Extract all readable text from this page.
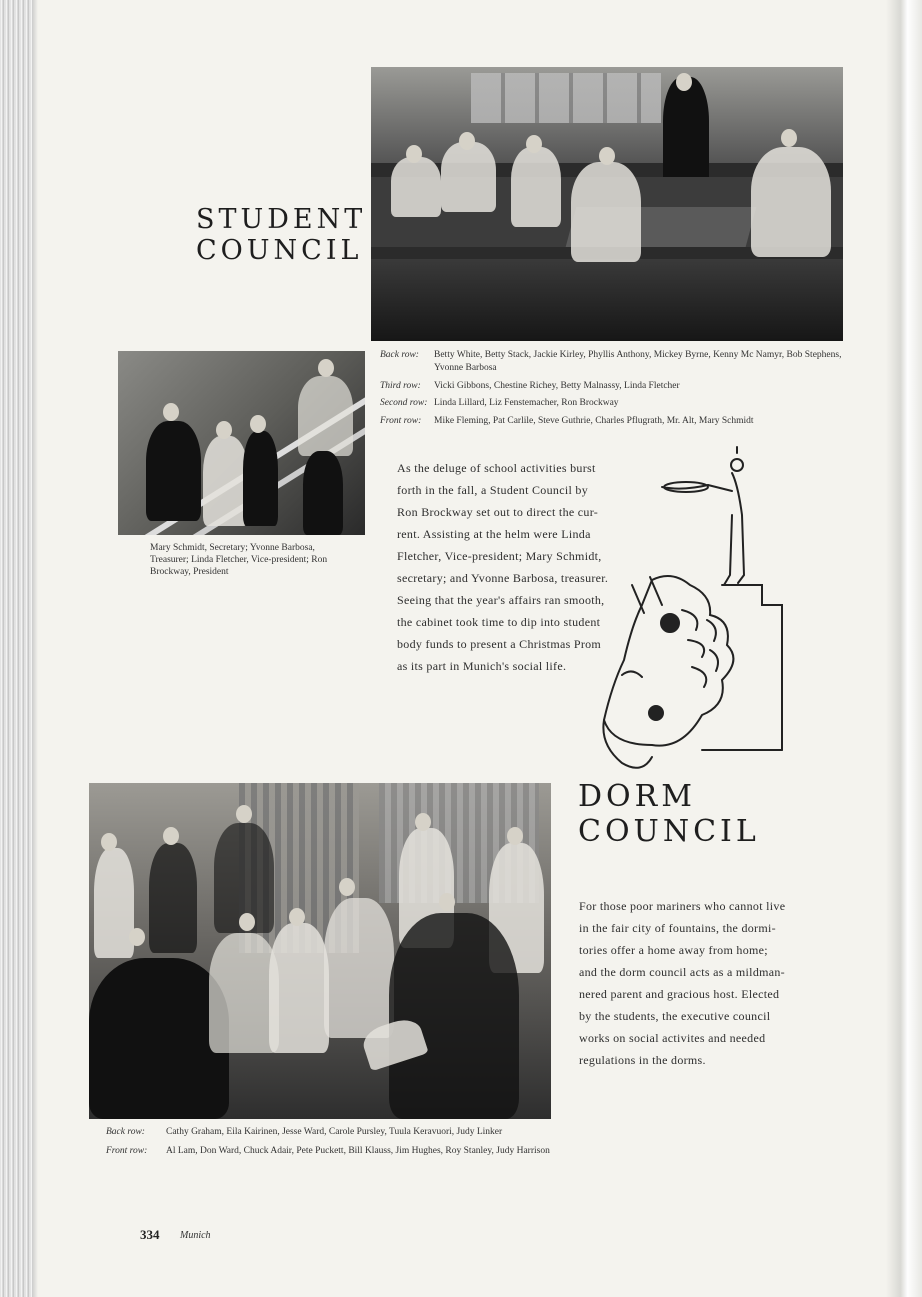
STUDENT
COUNCIL
Back row:	Betty White, Betty Stack, Jackie Kirley, Phyllis Anthony, Mickey Byrne, Kenny Mc Namyr, Bob Stephens, Yvonne Barbosa
Third row:	Vicki Gibbons, Chestine Richey, Betty Malnassy, Linda Fletcher
Second row: Linda Lillard, Liz Fenstemacher, Ron Brockway
Front row:	Mike Fleming, Pat Carlile, Steve Guthrie, Charles Pflugrath, Mr. Alt, Mary Schmidt
Mary Schmidt, Secretary; Yvonne Barbosa, Treasurer; Linda Fletcher, Vice-president; Ron Brockway, President
As the deluge of school activities burst
forth in the fall, a Student Council by
Ron Brockway set out to direct the cur-
rent. Assisting at the helm were Linda
Fletcher, Vice-president; Mary Schmidt,
secretary; and Yvonne Barbosa, treasurer.
Seeing that the year's affairs ran smooth,
the cabinet took time to dip into student
body funds to present a Christmas Prom
as its part in Munich's social life.
DORM
COUNCIL
Back row:	Cathy Graham, Eila Kairinen, Jesse Ward, Carole Pursley, Tuula Keravuori, Judy Linker
Front row:	Al Lam, Don Ward, Chuck Adair, Pete Puckett, Bill Klauss, Jim Hughes, Roy Stanley, Judy Harrison
For those poor mariners who cannot live
in the fair city of fountains, the dormi-
tories offer a home away from home;
and the dorm council acts as a mildman-
nered parent and gracious host. Elected
by the students, the executive council
works on social activites and needed
regulations in the dorms.
334 Munich
